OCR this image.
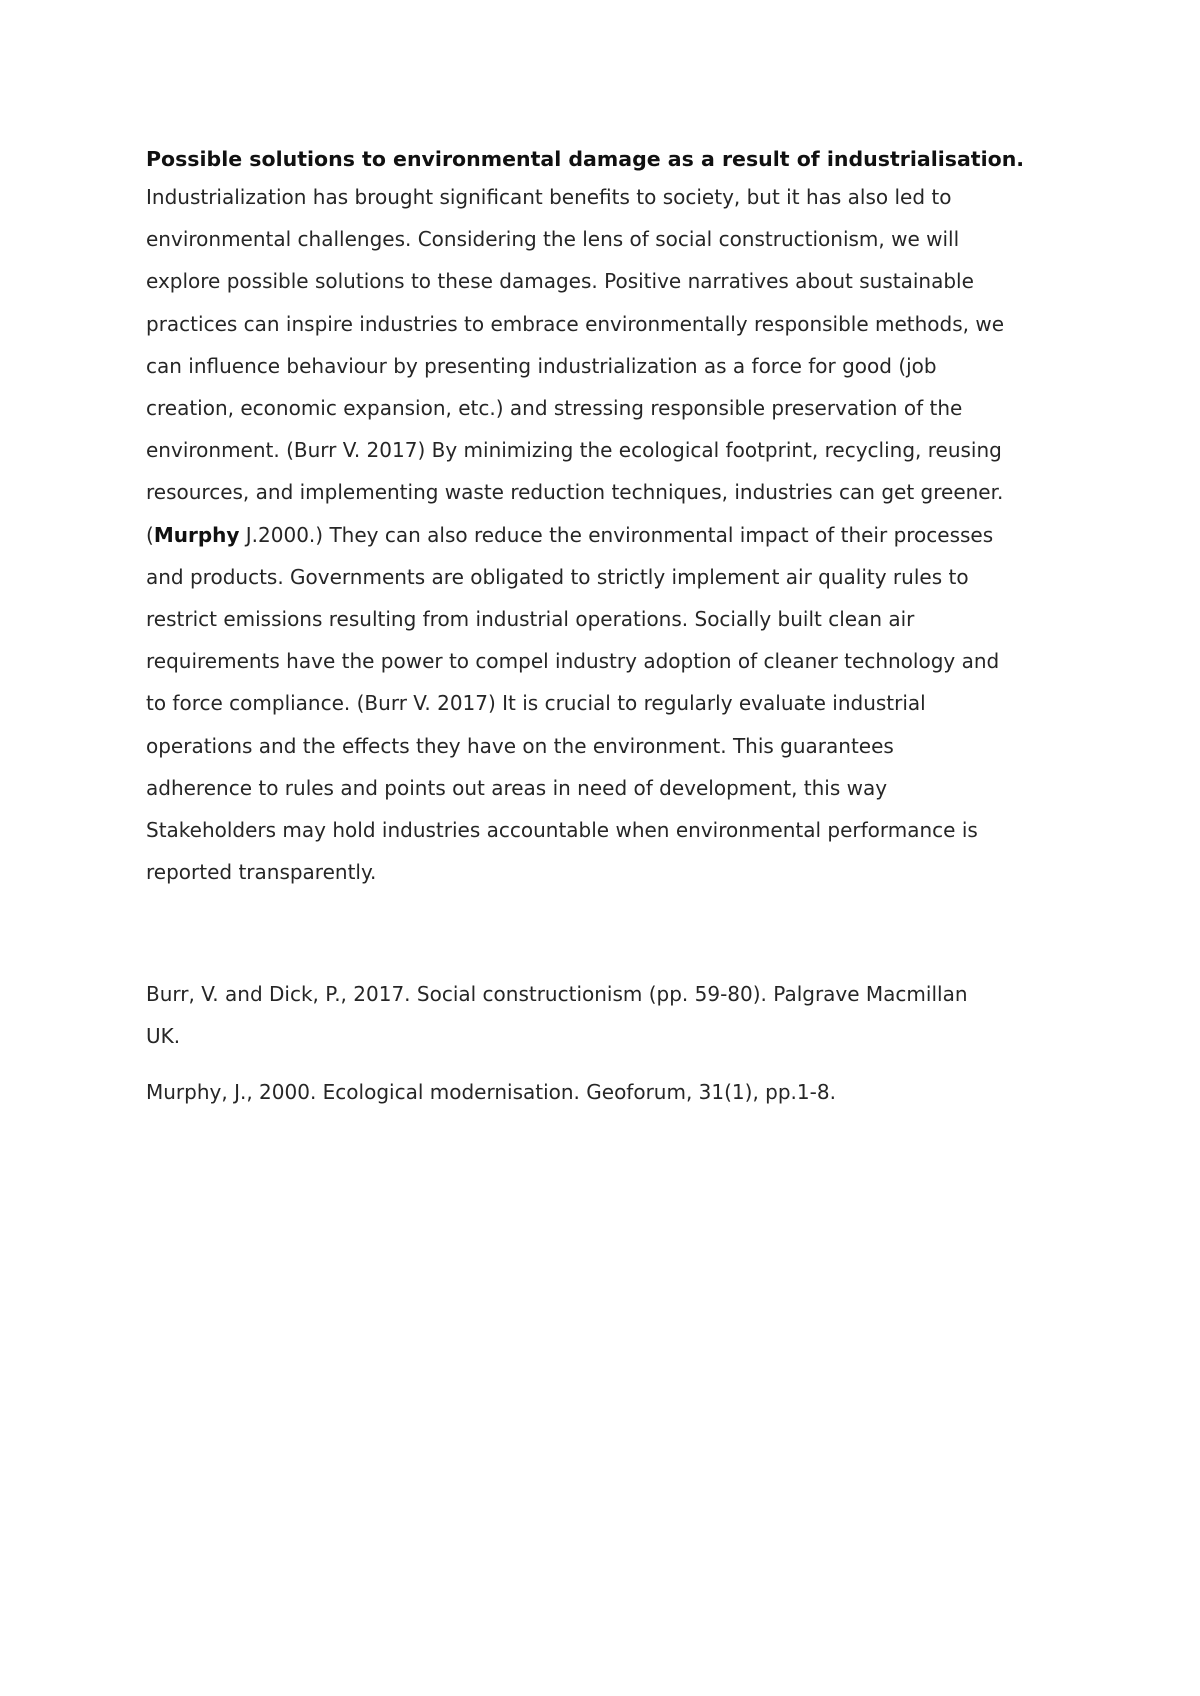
Possible solutions to environmental damage as a result of industrialisation.

Industrialization has brought significant benefits to society, but it has also led to
environmental challenges. Considering the lens of social constructionism, we will
explore possible solutions to these damages. Positive narratives about sustainable
practices can inspire industries to embrace environmentally responsible methods, we
can influence behaviour by presenting industrialization as a force for good (job
creation, economic expansion, etc.) and stressing responsible preservation of the
environment. (Burr V. 2017) By minimizing the ecological footprint, recycling, reusing
resources, and implementing waste reduction techniques, industries can get greener.
(Murphy J.2000.) They can also reduce the environmental impact of their processes
and products. Governments are obligated to strictly implement air quality rules to
restrict emissions resulting from industrial operations. Socially built clean air
requirements have the power to compel industry adoption of cleaner technology and
to force compliance. (Burr V. 2017) It is crucial to regularly evaluate industrial
operations and the effects they have on the environment. This guarantees
adherence to rules and points out areas in need of development, this way
Stakeholders may hold industries accountable when environmental performance is
reported transparently.

Burr, V. and Dick, P., 2017. Social constructionism (pp. 59-80). Palgrave Macmillan
UK.

Murphy, J., 2000. Ecological modernisation. Geoforum, 31(1), pp.1-8.
